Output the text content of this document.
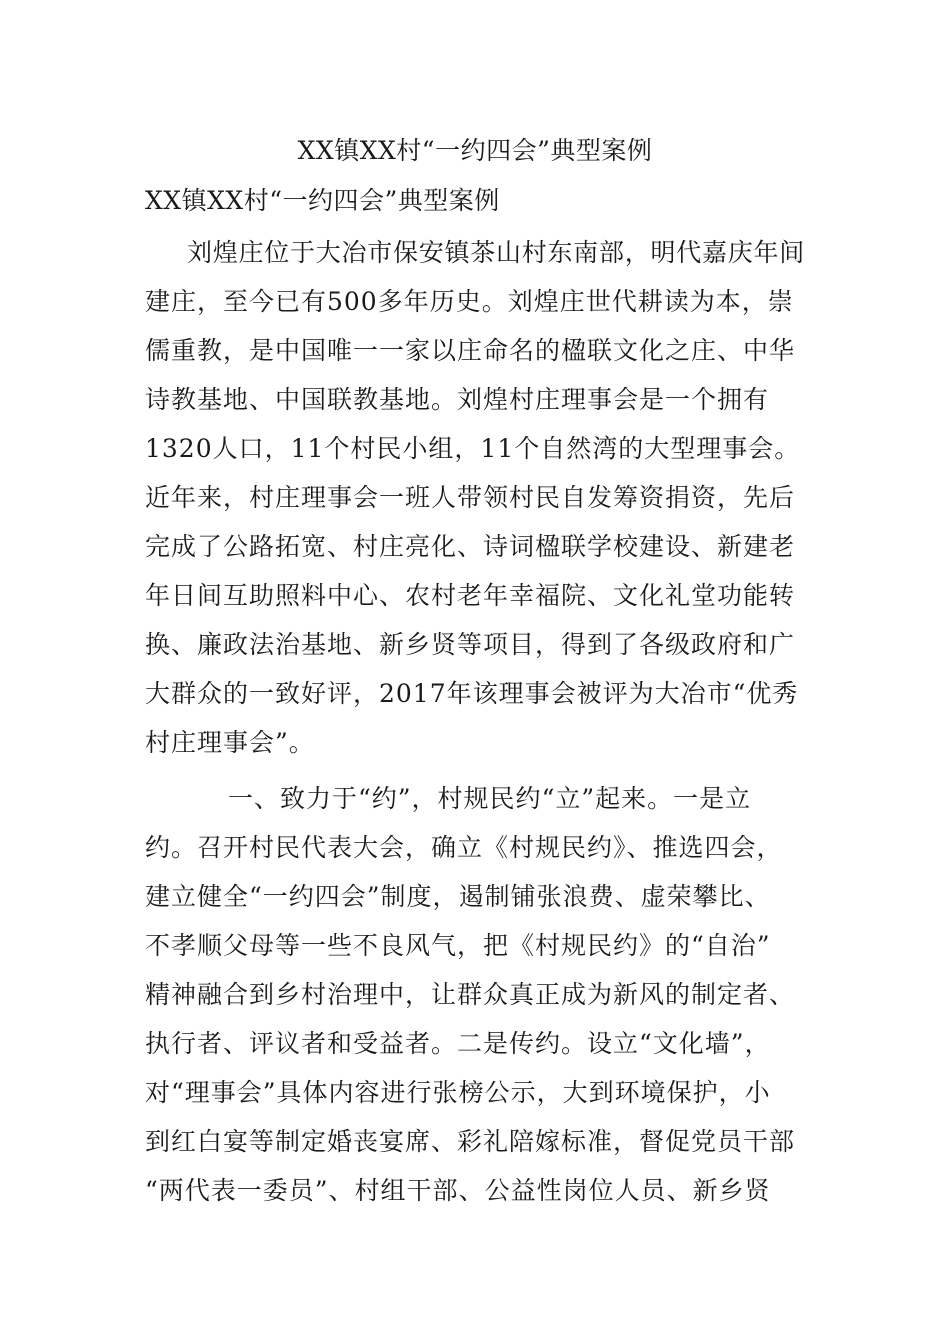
XX镇XX村“一约四会”典型案例
XX镇XX村“一约四会”典型案例
刘煌庄位于大冶市保安镇茶山村东南部，明代嘉庆年间
建庄，至今已有500多年历史。刘煌庄世代耕读为本，崇
儒重教，是中国唯一一家以庄命名的楹联文化之庄、中华
诗教基地、中国联教基地。刘煌村庄理事会是一个拥有
1320人口，11个村民小组，11个自然湾的大型理事会。
近年来，村庄理事会一班人带领村民自发筹资捐资，先后
完成了公路拓宽、村庄亮化、诗词楹联学校建设、新建老
年日间互助照料中心、农村老年幸福院、文化礼堂功能转
换、廉政法治基地、新乡贤等项目，得到了各级政府和广
大群众的一致好评，2017年该理事会被评为大冶市“优秀
村庄理事会”。
一、致力于“约”，村规民约“立”起来。一是立
约。召开村民代表大会，确立《村规民约》、推选四会，
建立健全“一约四会”制度，遏制铺张浪费、虚荣攀比、
不孝顺父母等一些不良风气，把《村规民约》的“自治”
精神融合到乡村治理中，让群众真正成为新风的制定者、
执行者、评议者和受益者。二是传约。设立“文化墙”，
对“理事会”具体内容进行张榜公示，大到环境保护，小
到红白宴等制定婚丧宴席、彩礼陪嫁标准，督促党员干部
“两代表一委员”、村组干部、公益性岗位人员、新乡贤
